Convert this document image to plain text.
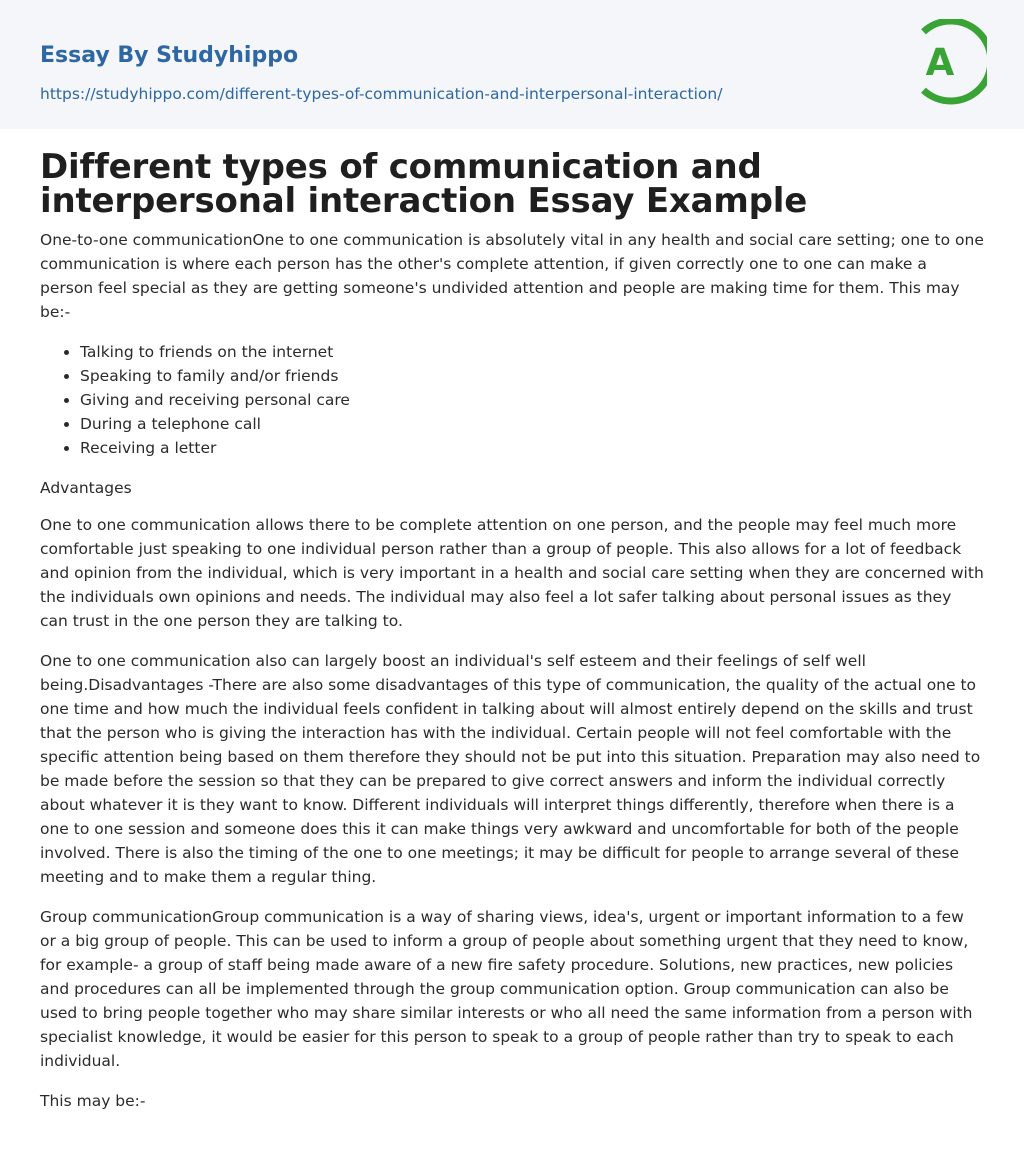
Essay By Studyhippo
https://studyhippo.com/different-types-of-communication-and-interpersonal-interaction/
A
Different types of communication and interpersonal interaction Essay Example

One-to-one communicationOne to one communication is absolutely vital in any health and social care setting; one to one communication is where each person has the other's complete attention, if given correctly one to one can make a person feel special as they are getting someone's undivided attention and people are making time for them. This may be:-

• Talking to friends on the internet
• Speaking to family and/or friends
• Giving and receiving personal care
• During a telephone call
• Receiving a letter

Advantages

One to one communication allows there to be complete attention on one person, and the people may feel much more comfortable just speaking to one individual person rather than a group of people. This also allows for a lot of feedback and opinion from the individual, which is very important in a health and social care setting when they are concerned with the individuals own opinions and needs. The individual may also feel a lot safer talking about personal issues as they can trust in the one person they are talking to.

One to one communication also can largely boost an individual's self esteem and their feelings of self well being.Disadvantages -There are also some disadvantages of this type of communication, the quality of the actual one to one time and how much the individual feels confident in talking about will almost entirely depend on the skills and trust that the person who is giving the interaction has with the individual. Certain people will not feel comfortable with the specific attention being based on them therefore they should not be put into this situation. Preparation may also need to be made before the session so that they can be prepared to give correct answers and inform the individual correctly about whatever it is they want to know. Different individuals will interpret things differently, therefore when there is a one to one session and someone does this it can make things very awkward and uncomfortable for both of the people involved. There is also the timing of the one to one meetings; it may be difficult for people to arrange several of these meeting and to make them a regular thing.

Group communicationGroup communication is a way of sharing views, idea's, urgent or important information to a few or a big group of people. This can be used to inform a group of people about something urgent that they need to know, for example- a group of staff being made aware of a new fire safety procedure. Solutions, new practices, new policies and procedures can all be implemented through the group communication option. Group communication can also be used to bring people together who may share similar interests or who all need the same information from a person with specialist knowledge, it would be easier for this person to speak to a group of people rather than try to speak to each individual.

This may be:-
